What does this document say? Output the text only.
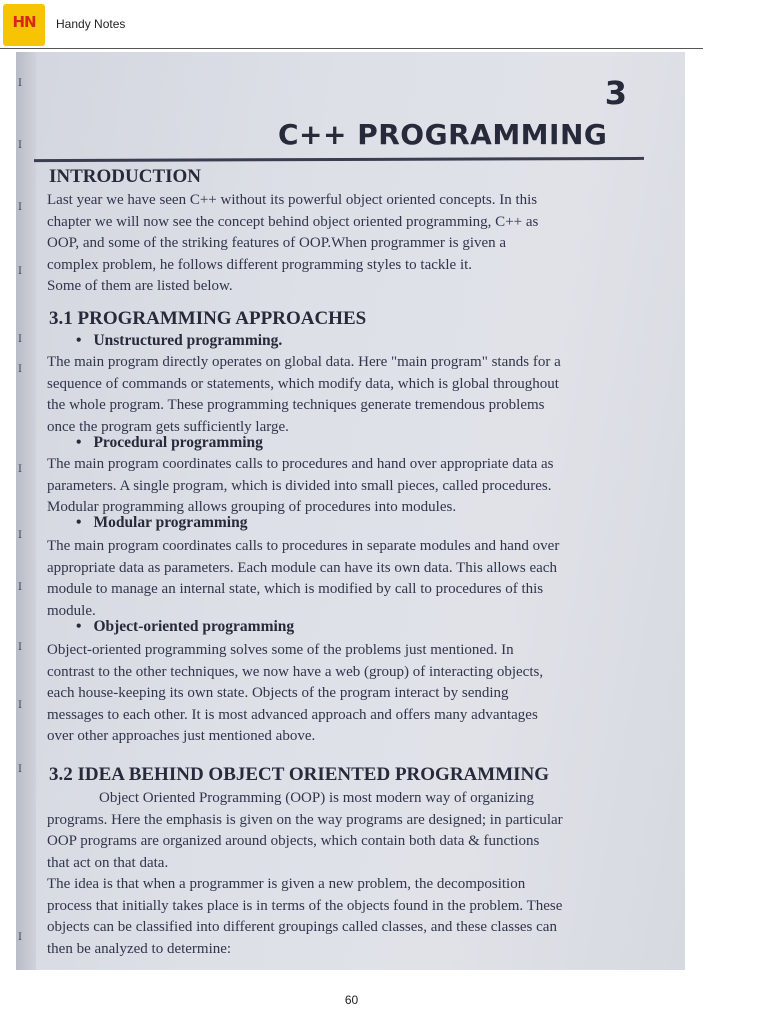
HN	Handy Notes
I
I
I
I
I
I
I
I
I
I
I
I
I
3
C++ PROGRAMMING
INTRODUCTION
Last year we have seen C++ without its powerful object oriented concepts. In this
chapter we will now see the concept behind object oriented programming, C++ as
OOP, and some of the striking features of OOP.When programmer is given a
complex problem, he follows different programming styles to tackle it.
Some of them are listed below.
3.1 PROGRAMMING APPROACHES
• Unstructured programming.
The main program directly operates on global data. Here "main program" stands for a
sequence of commands or statements, which modify data, which is global throughout
the whole program. These programming techniques generate tremendous problems
once the program gets sufficiently large.
• Procedural programming
The main program coordinates calls to procedures and hand over appropriate data as
parameters. A single program, which is divided into small pieces, called procedures.
Modular programming allows grouping of procedures into modules.
• Modular programming
The main program coordinates calls to procedures in separate modules and hand over
appropriate data as parameters. Each module can have its own data. This allows each
module to manage an internal state, which is modified by call to procedures of this
module.
• Object-oriented programming
Object-oriented programming solves some of the problems just mentioned. In
contrast to the other techniques, we now have a web (group) of interacting objects,
each house-keeping its own state. Objects of the program interact by sending
messages to each other. It is most advanced approach and offers many advantages
over other approaches just mentioned above.
3.2 IDEA BEHIND OBJECT ORIENTED PROGRAMMING
Object Oriented Programming (OOP) is most modern way of organizing
programs. Here the emphasis is given on the way programs are designed; in particular
OOP programs are organized around objects, which contain both data & functions
that act on that data.
The idea is that when a programmer is given a new problem, the decomposition
process that initially takes place is in terms of the objects found in the problem. These
objects can be classified into different groupings called classes, and these classes can
then be analyzed to determine:
60
